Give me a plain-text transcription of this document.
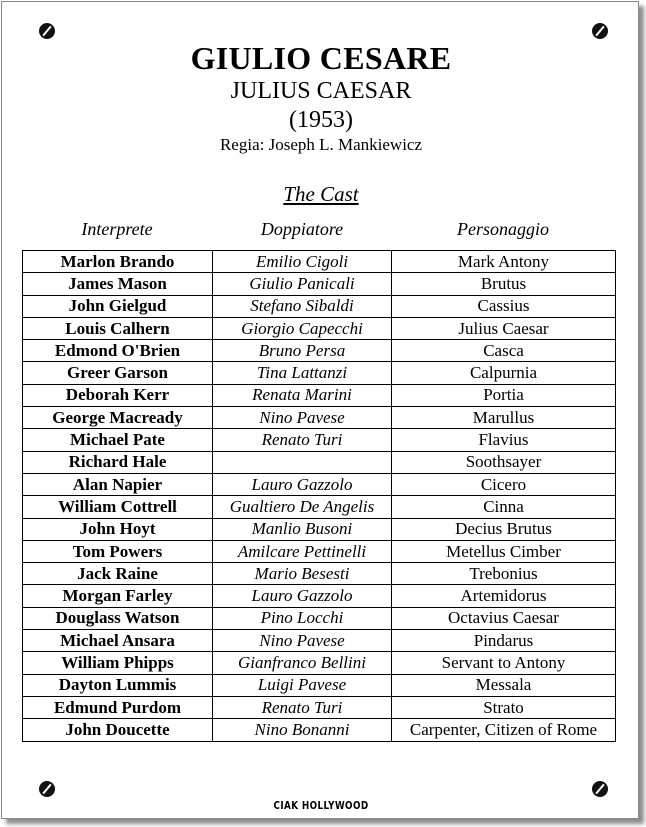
GIULIO CESARE
JULIUS CAESAR
(1953)
Regia: Joseph L. Mankiewicz
The Cast
Interprete	Doppiatore	Personaggio
Marlon Brando	Emilio Cigoli	Mark Antony
James Mason	Giulio Panicali	Brutus
John Gielgud	Stefano Sibaldi	Cassius
Louis Calhern	Giorgio Capecchi	Julius Caesar
Edmond O'Brien	Bruno Persa	Casca
Greer Garson	Tina Lattanzi	Calpurnia
Deborah Kerr	Renata Marini	Portia
George Macready	Nino Pavese	Marullus
Michael Pate	Renato Turi	Flavius
Richard Hale		Soothsayer
Alan Napier	Lauro Gazzolo	Cicero
William Cottrell	Gualtiero De Angelis	Cinna
John Hoyt	Manlio Busoni	Decius Brutus
Tom Powers	Amilcare Pettinelli	Metellus Cimber
Jack Raine	Mario Besesti	Trebonius
Morgan Farley	Lauro Gazzolo	Artemidorus
Douglass Watson	Pino Locchi	Octavius Caesar
Michael Ansara	Nino Pavese	Pindarus
William Phipps	Gianfranco Bellini	Servant to Antony
Dayton Lummis	Luigi Pavese	Messala
Edmund Purdom	Renato Turi	Strato
John Doucette	Nino Bonanni	Carpenter, Citizen of Rome
CIAK HOLLYWOOD
